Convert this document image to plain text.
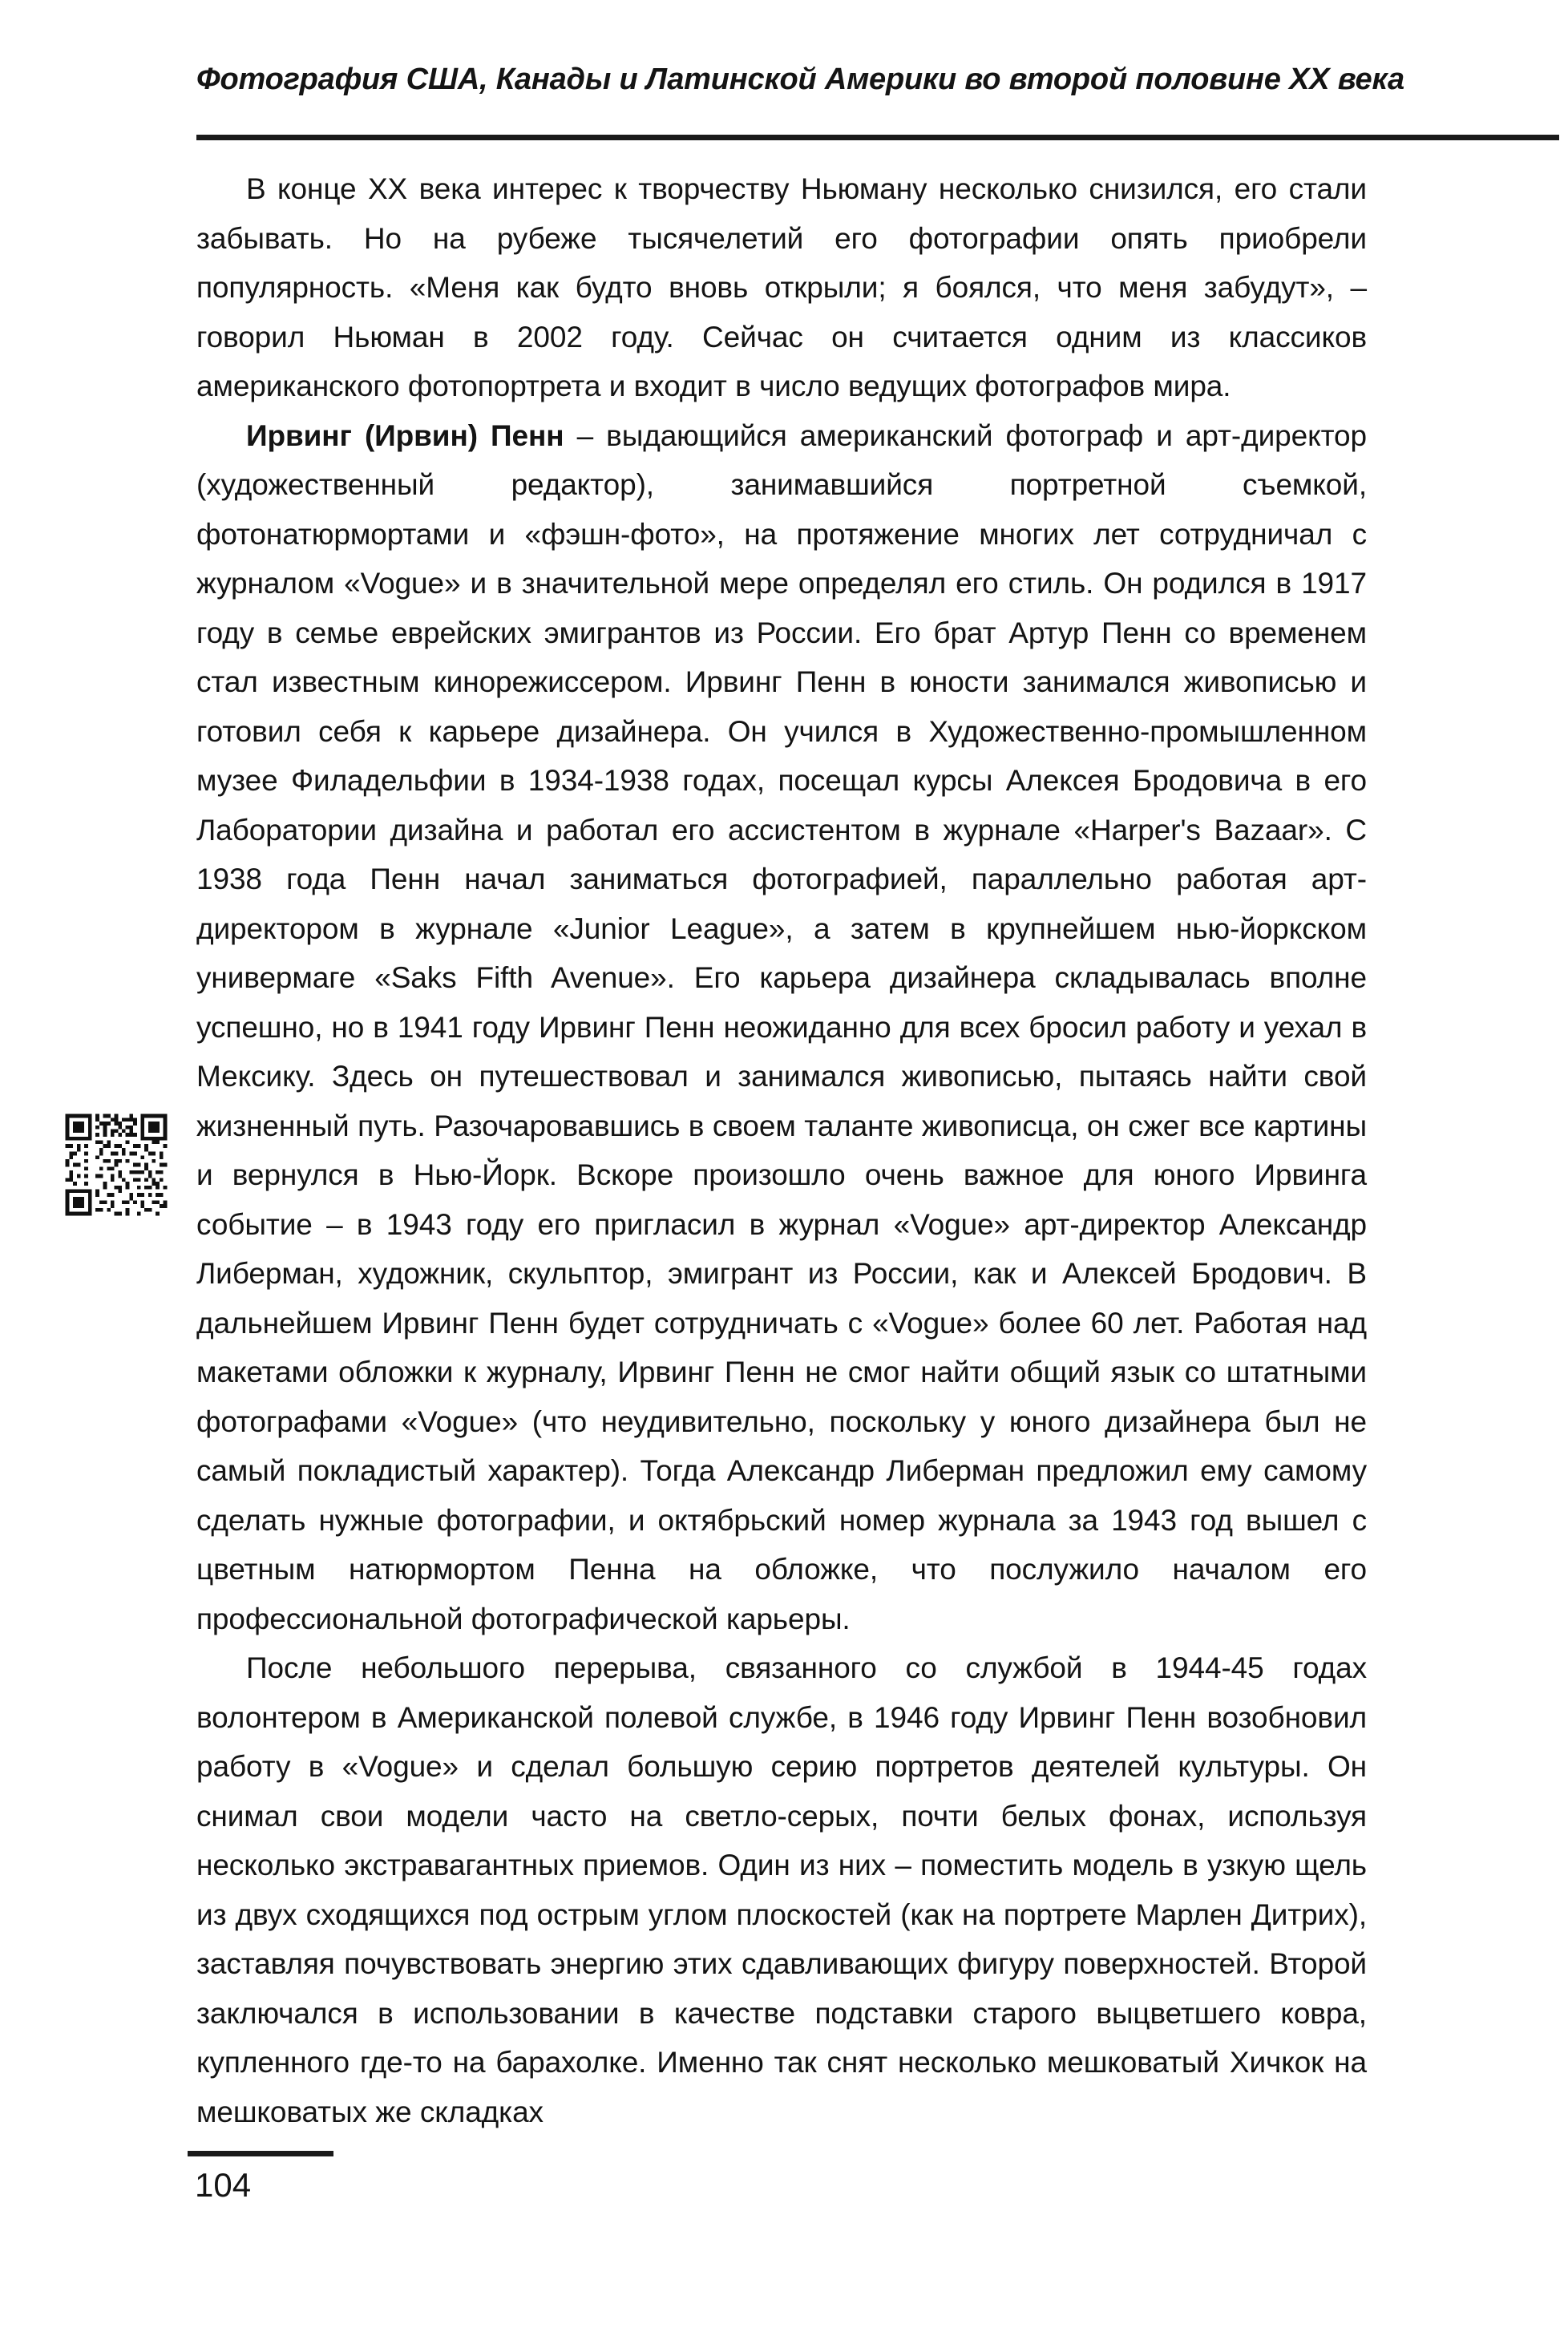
Фотография США, Канады и Латинской Америки во второй половине XX века

В конце XX века интерес к творчеству Ньюману несколько снизился, его стали забывать. Но на рубеже тысячелетий его фотографии опять приобрели популярность. «Меня как будто вновь открыли; я боялся, что меня забудут», – говорил Ньюман в 2002 году. Сейчас он считается одним из классиков американского фотопортрета и входит в число ведущих фотографов мира.

Ирвинг (Ирвин) Пенн – выдающийся американский фотограф и арт-директор (художественный редактор), занимавшийся портретной съемкой, фотонатюрмортами и «фэшн-фото», на протяжение многих лет сотрудничал с журналом «Vogue» и в значительной мере определял его стиль. Он родился в 1917 году в семье еврейских эмигрантов из России. Его брат Артур Пенн со временем стал известным кинорежиссером. Ирвинг Пенн в юности занимался живописью и готовил себя к карьере дизайнера. Он учился в Художественно-промышленном музее Филадельфии в 1934-1938 годах, посещал курсы Алексея Бродовича в его Лаборатории дизайна и работал его ассистентом в журнале «Harper's Bazaar». С 1938 года Пенн начал заниматься фотографией, параллельно работая арт-директором в журнале «Junior League», а затем в крупнейшем нью-йоркском универмаге «Saks Fifth Avenue». Его карьера дизайнера складывалась вполне успешно, но в 1941 году Ирвинг Пенн неожиданно для всех бросил работу и уехал в Мексику. Здесь он путешествовал и занимался живописью, пытаясь найти свой жизненный путь. Разочаровавшись в своем таланте живописца, он сжег все картины и вернулся в Нью-Йорк. Вскоре произошло очень важное для юного Ирвинга событие – в 1943 году его пригласил в журнал «Vogue» арт-директор Александр Либерман, художник, скульптор, эмигрант из России, как и Алексей Бродович. В дальнейшем Ирвинг Пенн будет сотрудничать с «Vogue» более 60 лет. Работая над макетами обложки к журналу, Ирвинг Пенн не смог найти общий язык со штатными фотографами «Vogue» (что неудивительно, поскольку у юного дизайнера был не самый покладистый характер). Тогда Александр Либерман предложил ему самому сделать нужные фотографии, и октябрьский номер журнала за 1943 год вышел с цветным натюрмортом Пенна на обложке, что послужило началом его профессиональной фотографической карьеры.

После небольшого перерыва, связанного со службой в 1944-45 годах волонтером в Американской полевой службе, в 1946 году Ирвинг Пенн возобновил работу в «Vogue» и сделал большую серию портретов деятелей культуры. Он снимал свои модели часто на светло-серых, почти белых фонах, используя несколько экстравагантных приемов. Один из них – поместить модель в узкую щель из двух сходящихся под острым углом плоскостей (как на портрете Марлен Дитрих), заставляя почувствовать энергию этих сдавливающих фигуру поверхностей. Второй заключался в использовании в качестве подставки старого выцветшего ковра, купленного где-то на барахолке. Именно так снят несколько мешковатый Хичкок на мешковатых же складках

104
